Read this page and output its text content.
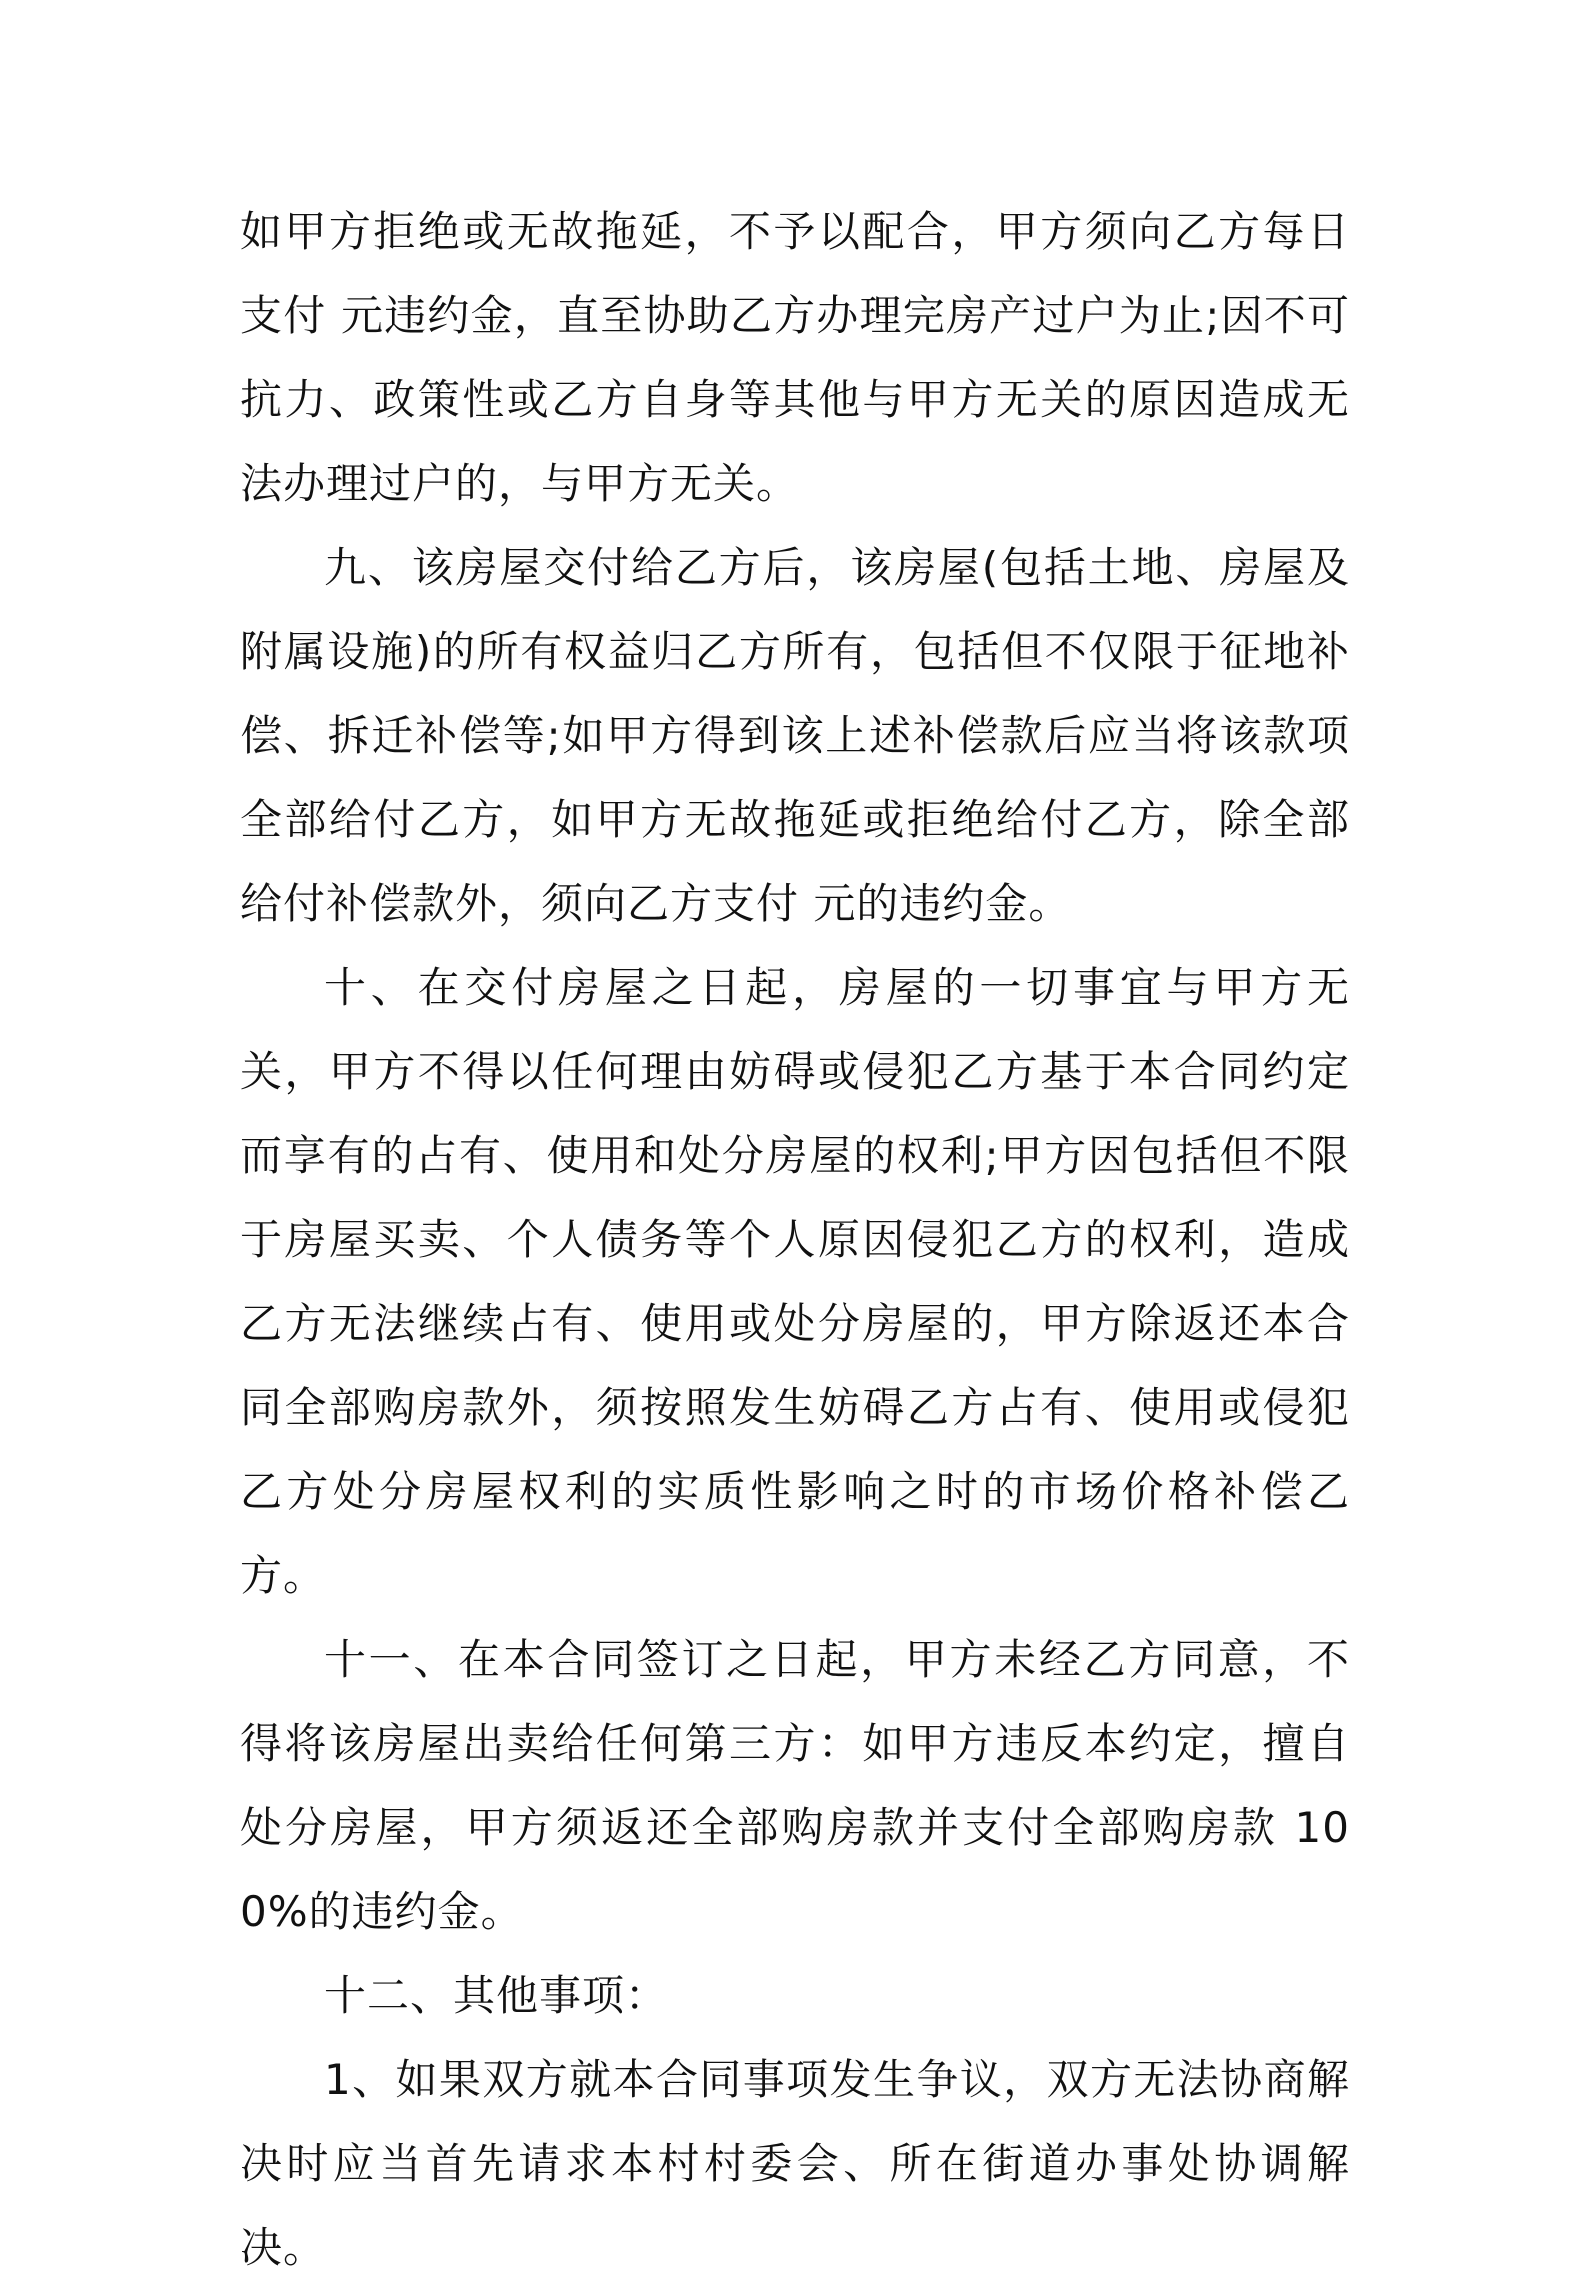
如甲方拒绝或无故拖延，不予以配合，甲方须向乙方每日支付 元违约金，直至协助乙方办理完房产过户为止;因不可抗力、政策性或乙方自身等其他与甲方无关的原因造成无法办理过户的，与甲方无关。

九、该房屋交付给乙方后，该房屋(包括土地、房屋及附属设施)的所有权益归乙方所有，包括但不仅限于征地补偿、拆迁补偿等;如甲方得到该上述补偿款后应当将该款项全部给付乙方，如甲方无故拖延或拒绝给付乙方，除全部给付补偿款外，须向乙方支付 元的违约金。

十、在交付房屋之日起，房屋的一切事宜与甲方无关，甲方不得以任何理由妨碍或侵犯乙方基于本合同约定而享有的占有、使用和处分房屋的权利;甲方因包括但不限于房屋买卖、个人债务等个人原因侵犯乙方的权利，造成乙方无法继续占有、使用或处分房屋的，甲方除返还本合同全部购房款外，须按照发生妨碍乙方占有、使用或侵犯乙方处分房屋权利的实质性影响之时的市场价格补偿乙方。

十一、在本合同签订之日起，甲方未经乙方同意，不得将该房屋出卖给任何第三方：如甲方违反本约定，擅自处分房屋，甲方须返还全部购房款并支付全部购房款 100%的违约金。

十二、其他事项：

1、如果双方就本合同事项发生争议，双方无法协商解决时应当首先请求本村村委会、所在街道办事处协调解决。
